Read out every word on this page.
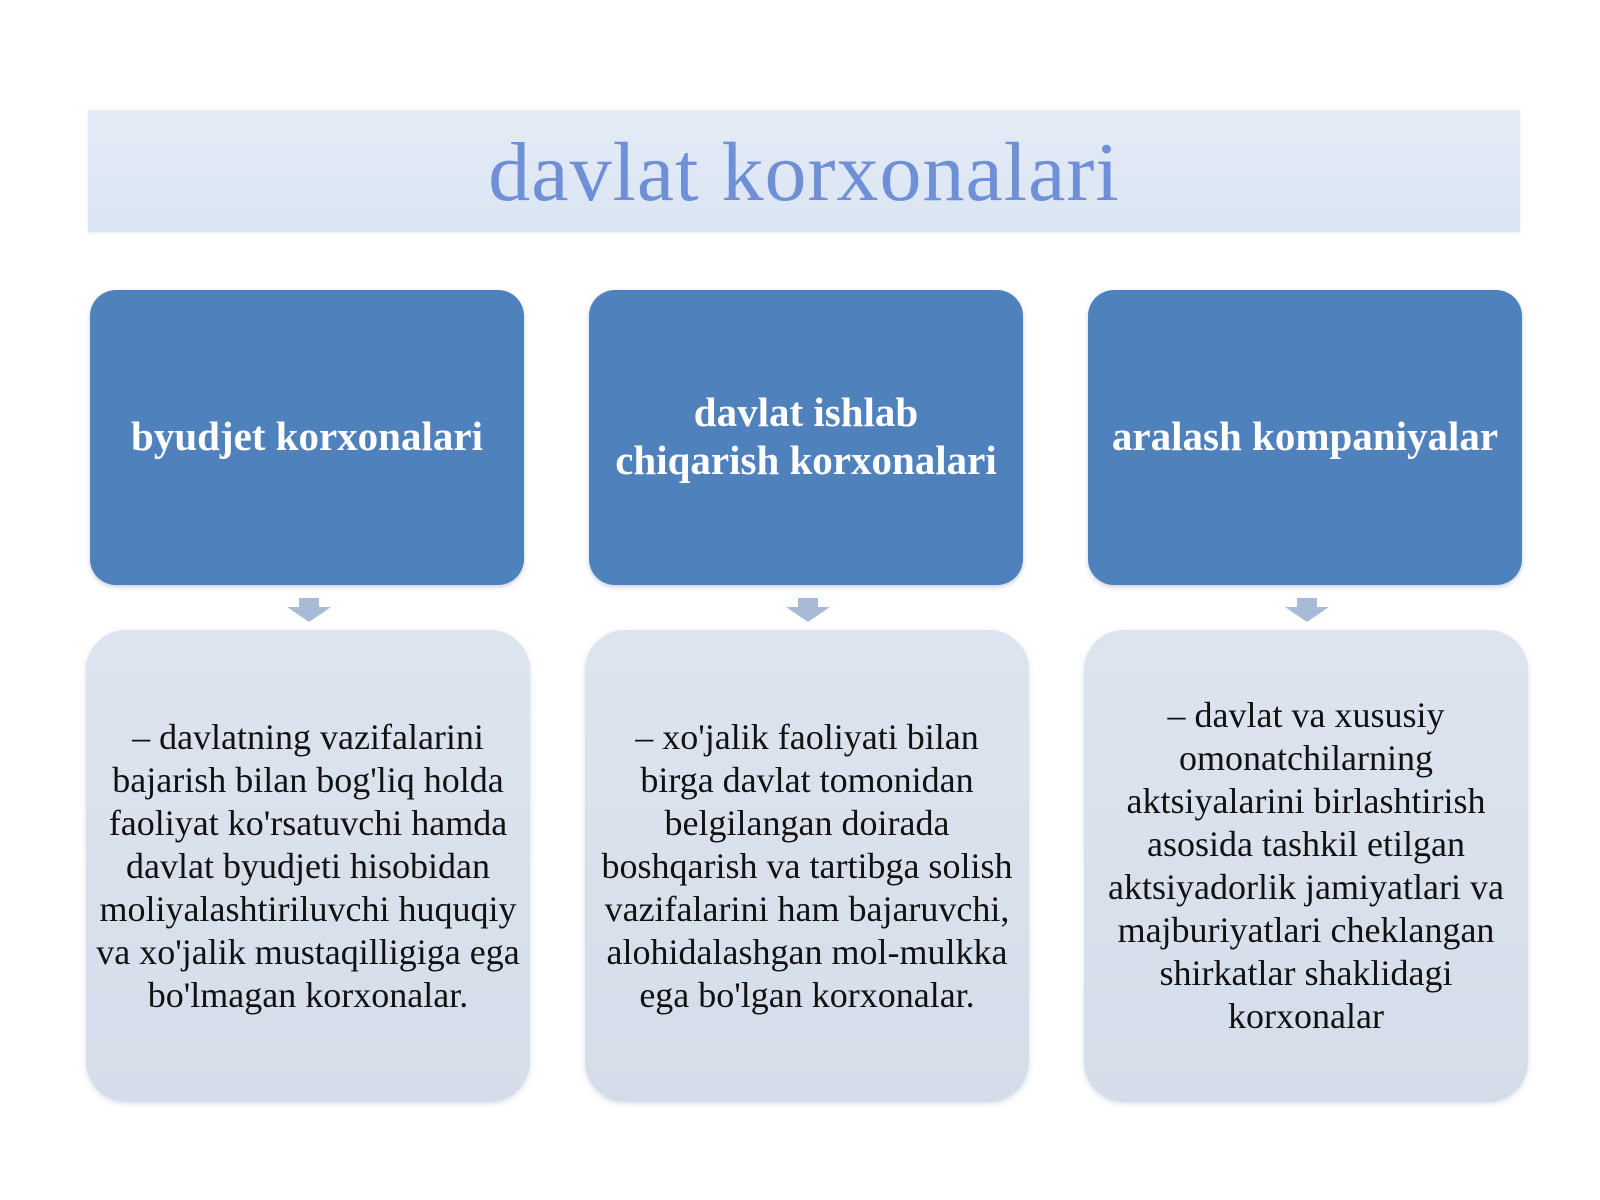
davlat korxonalari
byudjet korxonalari
– davlatning vazifalarini bajarish bilan bog'liq holda faoliyat ko'rsatuvchi hamda davlat byudjeti hisobidan moliyalashtiriluvchi huquqiy va xo'jalik mustaqilligiga ega bo'lmagan korxonalar.
davlat ishlab chiqarish korxonalari
– xo'jalik faoliyati bilan birga davlat tomonidan belgilangan doirada boshqarish va tartibga solish vazifalarini ham bajaruvchi, alohidalashgan mol-mulkka ega bo'lgan korxonalar.
aralash kompaniyalar
– davlat va xususiy omonatchilarning aktsiyalarini birlashtirish asosida tashkil etilgan aktsiyadorlik jamiyatlari va majburiyatlari cheklangan shirkatlar shaklidagi korxonalar
